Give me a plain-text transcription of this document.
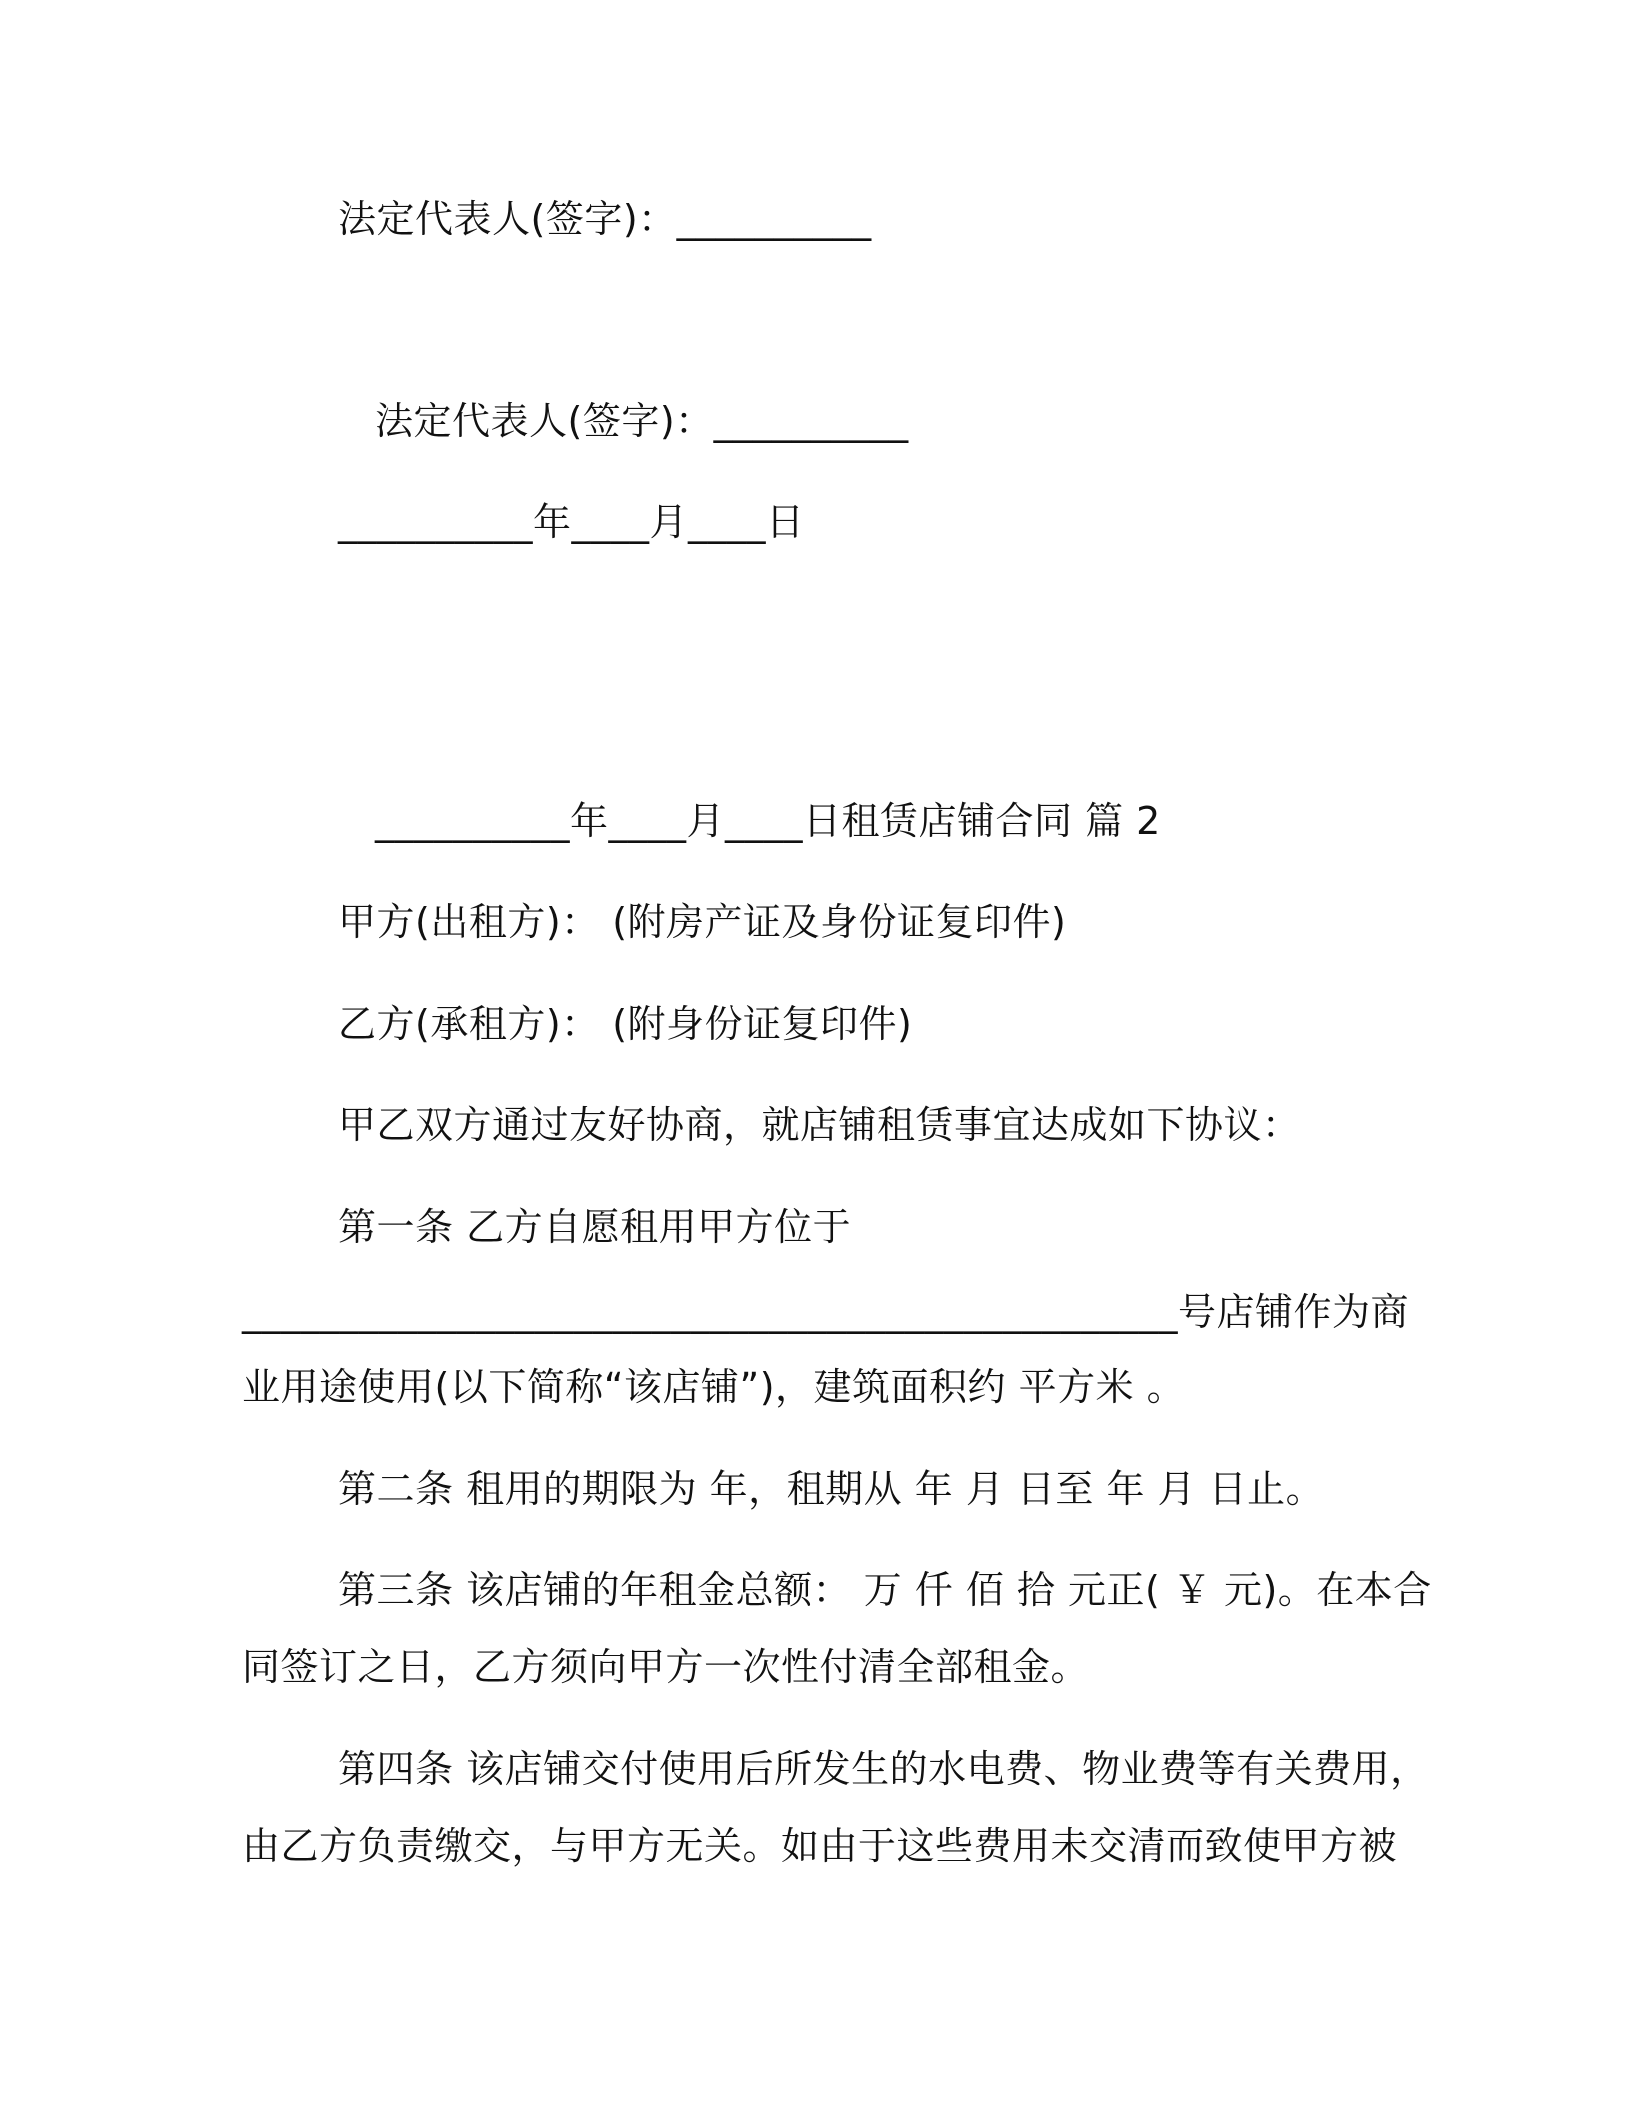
法定代表人(签字)：__________

法定代表人(签字)：__________

__________年____月____日

__________年____月____日租赁店铺合同 篇 2

甲方(出租方)： (附房产证及身份证复印件)

乙方(承租方)： (附身份证复印件)

甲乙双方通过友好协商，就店铺租赁事宜达成如下协议：

第一条 乙方自愿租用甲方位于

________________________________________________号店铺作为商

业用途使用(以下简称“该店铺”)，建筑面积约 平方米 。

第二条 租用的期限为 年，租期从 年 月 日至 年 月 日止。

第三条 该店铺的年租金总额： 万 仟 佰 拾 元正( ￥ 元)。在本合

同签订之日，乙方须向甲方一次性付清全部租金。

第四条 该店铺交付使用后所发生的水电费、物业费等有关费用，

由乙方负责缴交，与甲方无关。如由于这些费用未交清而致使甲方被
